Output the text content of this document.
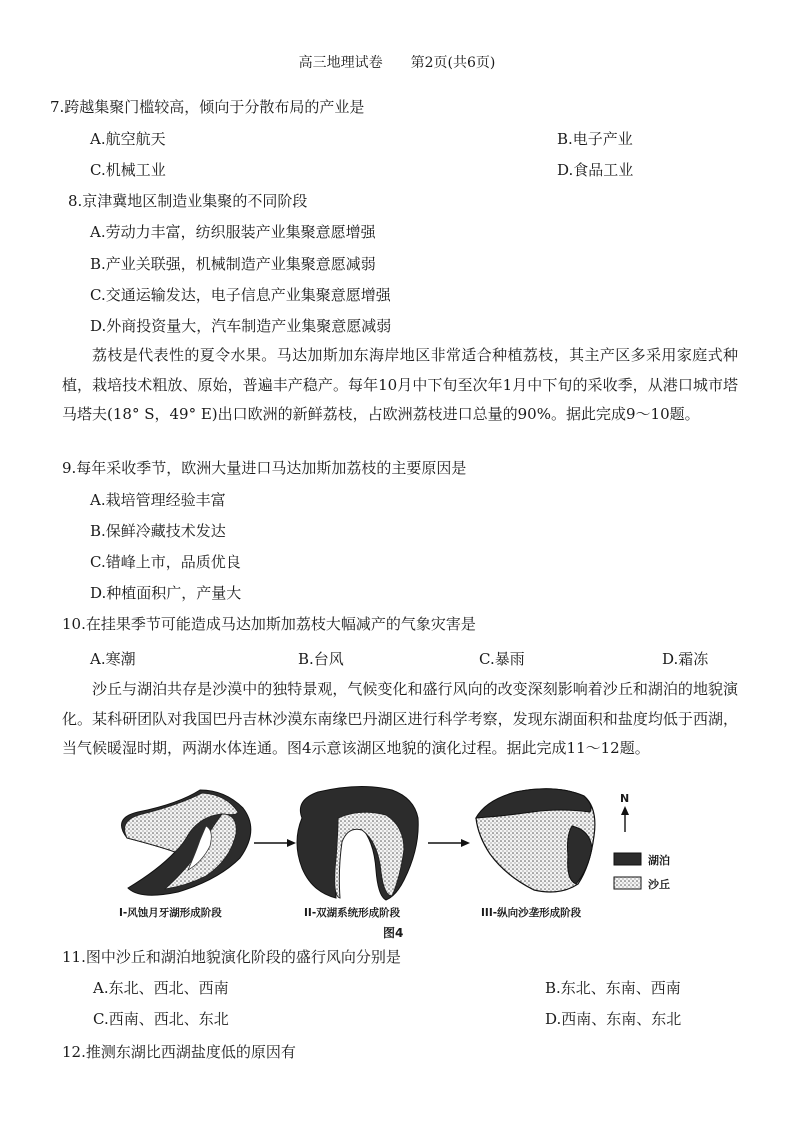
高三地理试卷　　第2页(共6页)
7.跨越集聚门槛较高，倾向于分散布局的产业是
A.航空航天	B.电子产业
C.机械工业	D.食品工业
8.京津冀地区制造业集聚的不同阶段
A.劳动力丰富，纺织服装产业集聚意愿增强
B.产业关联强，机械制造产业集聚意愿减弱
C.交通运输发达，电子信息产业集聚意愿增强
D.外商投资量大，汽车制造产业集聚意愿减弱
荔枝是代表性的夏令水果。马达加斯加东海岸地区非常适合种植荔枝，其主产区多采用家庭式种植，栽培技术粗放、原始，普遍丰产稳产。每年10月中下旬至次年1月中下旬的采收季，从港口城市塔马塔夫(18° S，49° E)出口欧洲的新鲜荔枝，占欧洲荔枝进口总量的90%。据此完成9～10题。
9.每年采收季节，欧洲大量进口马达加斯加荔枝的主要原因是
A.栽培管理经验丰富
B.保鲜冷藏技术发达
C.错峰上市，品质优良
D.种植面积广，产量大
10.在挂果季节可能造成马达加斯加荔枝大幅减产的气象灾害是
A.寒潮	B.台风	C.暴雨	D.霜冻
沙丘与湖泊共存是沙漠中的独特景观，气候变化和盛行风向的改变深刻影响着沙丘和湖泊的地貌演化。某科研团队对我国巴丹吉林沙漠东南缘巴丹湖区进行科学考察，发现东湖面积和盐度均低于西湖，当气候暖湿时期，两湖水体连通。图4示意该湖区地貌的演化过程。据此完成11～12题。
I-风蚀月牙湖形成阶段	II-双湖系统形成阶段	III-纵向沙垄形成阶段
N
湖泊
沙丘
图4
11.图中沙丘和湖泊地貌演化阶段的盛行风向分别是
A.东北、西北、西南	B.东北、东南、西南
C.西南、西北、东北	D.西南、东南、东北
12.推测东湖比西湖盐度低的原因有
